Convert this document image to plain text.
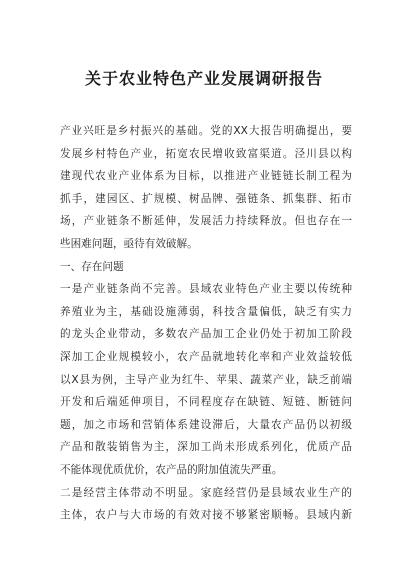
关于农业特色产业发展调研报告
产业兴旺是乡村振兴的基础。党的XX大报告明确提出，要
发展乡村特色产业，拓宽农民增收致富渠道。泾川县以构
建现代农业产业体系为目标，以推进产业链链长制工程为
抓手，建园区、扩规模、树品牌、强链条、抓集群、拓市
场，产业链条不断延伸，发展活力持续释放。但也存在一
些困难问题，亟待有效破解。
一、存在问题
一是产业链条尚不完善。县域农业特色产业主要以传统种
养殖业为主，基础设施薄弱，科技含量偏低，缺乏有实力
的龙头企业带动，多数农产品加工企业仍处于初加工阶段
深加工企业规模较小，农产品就地转化率和产业效益较低
以X县为例，主导产业为红牛、苹果、蔬菜产业，缺乏前端
开发和后端延伸项目，不同程度存在缺链、短链、断链问
题，加之市场和营销体系建设滞后，大量农产品仍以初级
产品和散装销售为主，深加工尚未形成系列化，优质产品
不能体现优质优价，农产品的附加值流失严重。
二是经营主体带动不明显。家庭经营仍是县域农业生产的
主体，农户与大市场的有效对接不够紧密顺畅。县域内新
